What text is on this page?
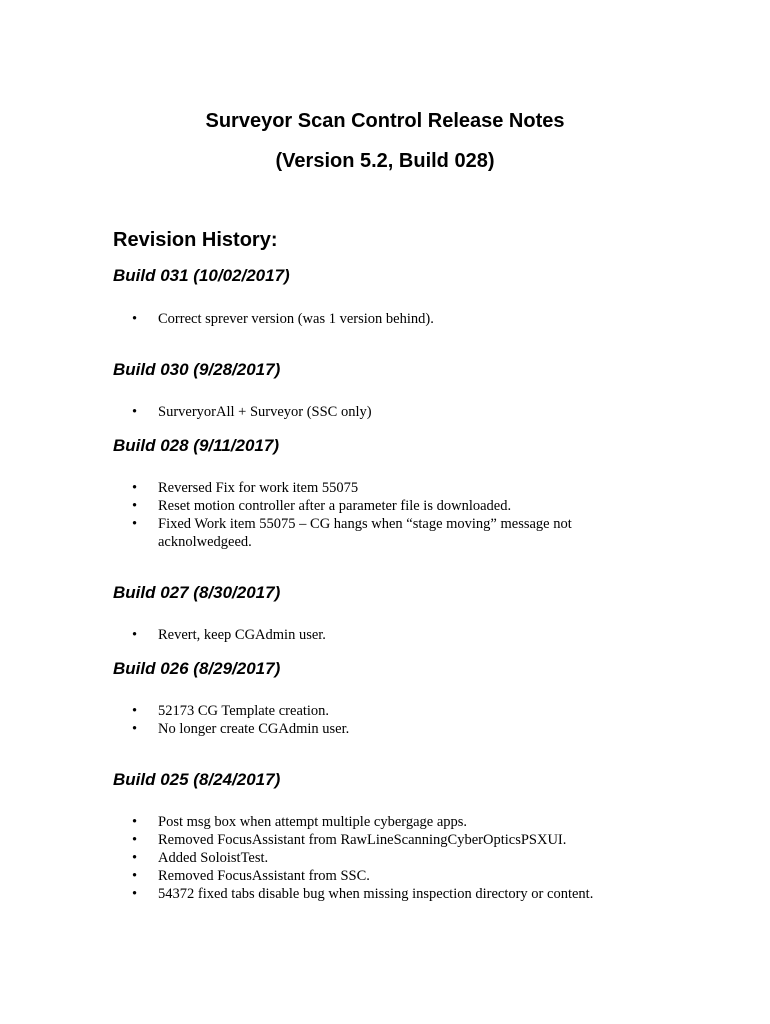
Surveyor Scan Control Release Notes
(Version 5.2, Build 028)
Revision History:
Build 031 (10/02/2017)
• Correct sprever version (was 1 version behind).
Build 030 (9/28/2017)
• SurveryorAll + Surveyor (SSC only)
Build 028 (9/11/2017)
• Reversed Fix for work item 55075
• Reset motion controller after a parameter file is downloaded.
• Fixed Work item 55075 – CG hangs when “stage moving” message not acknolwedgeed.
Build 027 (8/30/2017)
• Revert, keep CGAdmin user.
Build 026 (8/29/2017)
• 52173 CG Template creation.
• No longer create CGAdmin user.
Build 025 (8/24/2017)
• Post msg box when attempt multiple cybergage apps.
• Removed FocusAssistant from RawLineScanningCyberOpticsPSXUI.
• Added SoloistTest.
• Removed FocusAssistant from SSC.
• 54372 fixed tabs disable bug when missing inspection directory or content.
